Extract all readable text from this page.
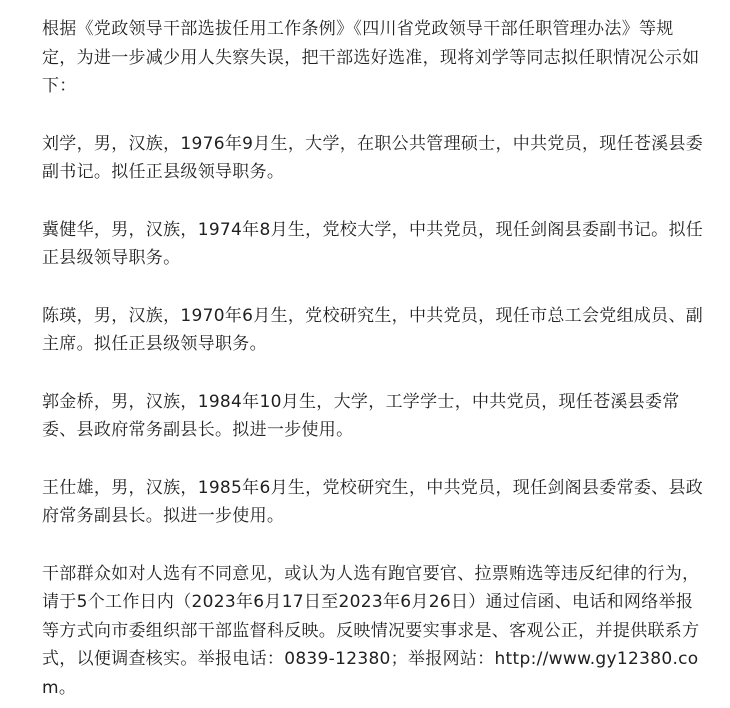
根据《党政领导干部选拔任用工作条例》《四川省党政领导干部任职管理办法》等规定，为进一步减少用人失察失误，把干部选好选准，现将刘学等同志拟任职情况公示如下：

刘学，男，汉族，1976年9月生，大学，在职公共管理硕士，中共党员，现任苍溪县委副书记。拟任正县级领导职务。

冀健华，男，汉族，1974年8月生，党校大学，中共党员，现任剑阁县委副书记。拟任正县级领导职务。

陈瑛，男，汉族，1970年6月生，党校研究生，中共党员，现任市总工会党组成员、副主席。拟任正县级领导职务。

郭金桥，男，汉族，1984年10月生，大学，工学学士，中共党员，现任苍溪县委常委、县政府常务副县长。拟进一步使用。

王仕雄，男，汉族，1985年6月生，党校研究生，中共党员，现任剑阁县委常委、县政府常务副县长。拟进一步使用。

干部群众如对人选有不同意见，或认为人选有跑官要官、拉票贿选等违反纪律的行为，请于5个工作日内（2023年6月17日至2023年6月26日）通过信函、电话和网络举报等方式向市委组织部干部监督科反映。反映情况要实事求是、客观公正，并提供联系方式，以便调查核实。举报电话：0839-12380；举报网站：http://www.gy12380.com。
